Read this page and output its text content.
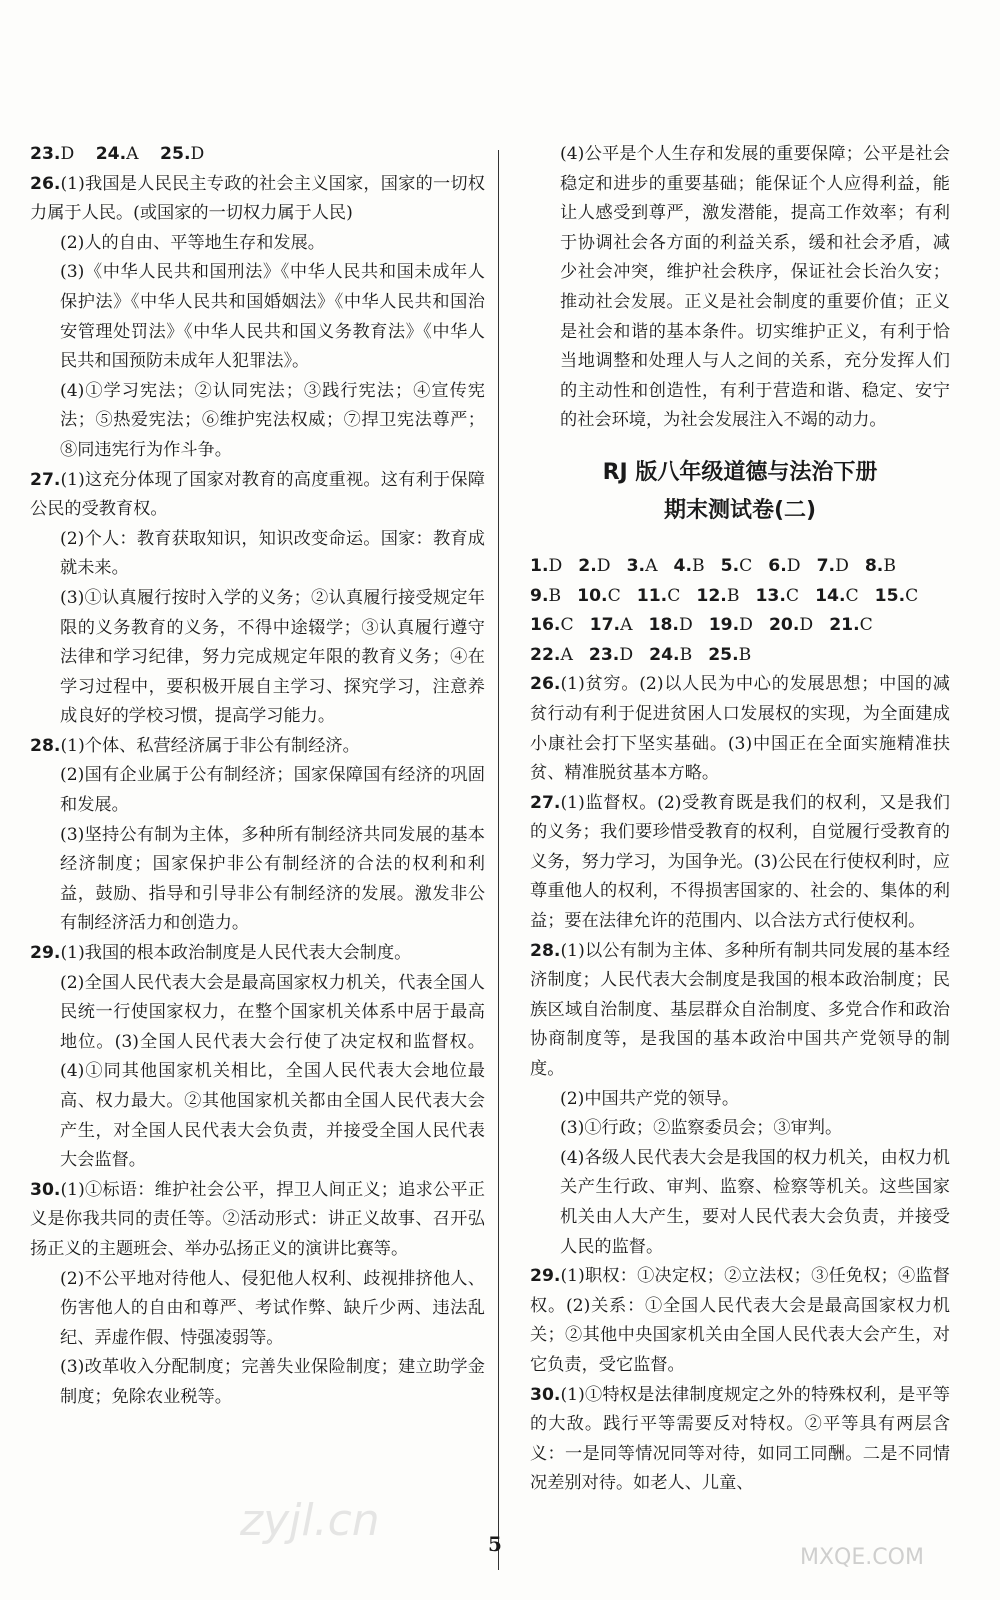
23.D 24.A 25.D

26.(1)我国是人民民主专政的社会主义国家，国家的一切权力属于人民。(或国家的一切权力属于人民)

(2)人的自由、平等地生存和发展。

(3)《中华人民共和国刑法》《中华人民共和国未成年人保护法》《中华人民共和国婚姻法》《中华人民共和国治安管理处罚法》《中华人民共和国义务教育法》《中华人民共和国预防未成年人犯罪法》。

(4)①学习宪法；②认同宪法；③践行宪法；④宣传宪法；⑤热爱宪法；⑥维护宪法权威；⑦捍卫宪法尊严；⑧同违宪行为作斗争。

27.(1)这充分体现了国家对教育的高度重视。这有利于保障公民的受教育权。

(2)个人：教育获取知识，知识改变命运。国家：教育成就未来。

(3)①认真履行按时入学的义务；②认真履行接受规定年限的义务教育的义务，不得中途辍学；③认真履行遵守法律和学习纪律，努力完成规定年限的教育义务；④在学习过程中，要积极开展自主学习、探究学习，注意养成良好的学校习惯，提高学习能力。

28.(1)个体、私营经济属于非公有制经济。

(2)国有企业属于公有制经济；国家保障国有经济的巩固和发展。

(3)坚持公有制为主体，多种所有制经济共同发展的基本经济制度；国家保护非公有制经济的合法的权利和利益，鼓励、指导和引导非公有制经济的发展。激发非公有制经济活力和创造力。

29.(1)我国的根本政治制度是人民代表大会制度。

(2)全国人民代表大会是最高国家权力机关，代表全国人民统一行使国家权力，在整个国家机关体系中居于最高地位。(3)全国人民代表大会行使了决定权和监督权。(4)①同其他国家机关相比，全国人民代表大会地位最高、权力最大。②其他国家机关都由全国人民代表大会产生，对全国人民代表大会负责，并接受全国人民代表大会监督。

30.(1)①标语：维护社会公平，捍卫人间正义；追求公平正义是你我共同的责任等。②活动形式：讲正义故事、召开弘扬正义的主题班会、举办弘扬正义的演讲比赛等。

(2)不公平地对待他人、侵犯他人权利、歧视排挤他人、伤害他人的自由和尊严、考试作弊、缺斤少两、违法乱纪、弄虚作假、恃强凌弱等。

(3)改革收入分配制度；完善失业保险制度；建立助学金制度；免除农业税等。

(4)公平是个人生存和发展的重要保障；公平是社会稳定和进步的重要基础；能保证个人应得利益，能让人感受到尊严，激发潜能，提高工作效率；有利于协调社会各方面的利益关系，缓和社会矛盾，减少社会冲突，维护社会秩序，保证社会长治久安；推动社会发展。正义是社会制度的重要价值；正义是社会和谐的基本条件。切实维护正义，有利于恰当地调整和处理人与人之间的关系，充分发挥人们的主动性和创造性，有利于营造和谐、稳定、安宁的社会环境，为社会发展注入不竭的动力。

RJ 版八年级道德与法治下册
期末测试卷(二)

1.D 2.D 3.A 4.B 5.C 6.D 7.D 8.B

9.B 10.C 11.C 12.B 13.C 14.C 15.C

16.C 17.A 18.D 19.D 20.D 21.C

22.A 23.D 24.B 25.B

26.(1)贫穷。(2)以人民为中心的发展思想；中国的减贫行动有利于促进贫困人口发展权的实现，为全面建成小康社会打下坚实基础。(3)中国正在全面实施精准扶贫、精准脱贫基本方略。

27.(1)监督权。(2)受教育既是我们的权利，又是我们的义务；我们要珍惜受教育的权利，自觉履行受教育的义务，努力学习，为国争光。(3)公民在行使权利时，应尊重他人的权利，不得损害国家的、社会的、集体的利益；要在法律允许的范围内、以合法方式行使权利。

28.(1)以公有制为主体、多种所有制共同发展的基本经济制度；人民代表大会制度是我国的根本政治制度；民族区域自治制度、基层群众自治制度、多党合作和政治协商制度等，是我国的基本政治中国共产党领导的制度。

(2)中国共产党的领导。

(3)①行政；②监察委员会；③审判。

(4)各级人民代表大会是我国的权力机关，由权力机关产生行政、审判、监察、检察等机关。这些国家机关由人大产生，要对人民代表大会负责，并接受人民的监督。

29.(1)职权：①决定权；②立法权；③任免权；④监督权。(2)关系：①全国人民代表大会是最高国家权力机关；②其他中央国家机关由全国人民代表大会产生，对它负责，受它监督。

30.(1)①特权是法律制度规定之外的特殊权利，是平等的大敌。践行平等需要反对特权。②平等具有两层含义：一是同等情况同等对待，如同工同酬。二是不同情况差别对待。如老人、儿童、

5
zyjl.cn
MXQE.COM
